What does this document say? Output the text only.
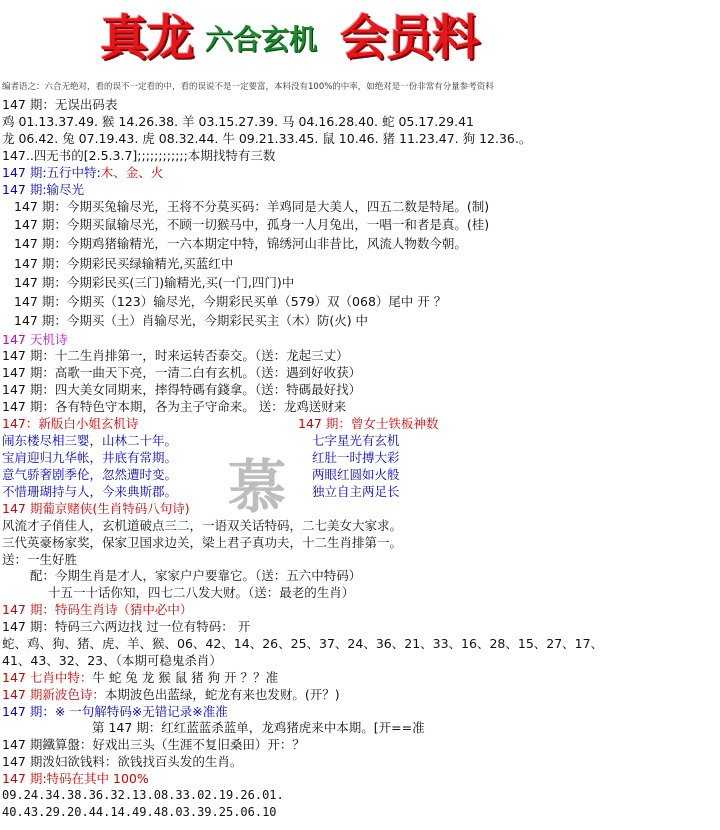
真龙 六合玄机 会员料
编者语之：六合无绝对，看的误不一定看的中，看的误说不是一定要富，本料没有100%的中率，如绝对是一份非常有分量参考资料
慕
147 期：无误出码表
鸡 01.13.37.49. 猴 14.26.38. 羊 03.15.27.39. 马 04.16.28.40. 蛇 05.17.29.41
龙 06.42. 兔 07.19.43. 虎 08.32.44. 牛 09.21.33.45. 鼠 10.46. 猪 11.23.47. 狗 12.36.。
147..四无书的[2.5.3.7];;;;;;;;;;;;本期找特有三数
147 期:五行中特:木、金、火
147 期:输尽光
147 期：今期买兔输尽光，王将不分莫买码：羊鸡同是大美人，四五二数是特尾。(制)
147 期：今期买鼠输尽光，不顾一切猴马中，孤身一人月兔出，一唱一和者是真。(桂)
147 期：今期鸡猪输精光，一六本期定中特，锦绣河山非昔比，风流人物数今朝。
147 期：今期彩民买绿输精光,买蓝红中
147 期：今期彩民买(三门)输精光,买(一门,四门)中
147 期：今期买（123）输尽光，今期彩民买单（579）双（068）尾中 开 ？
147 期：今期买（土）肖输尽光，今期彩民买主（木）防(火) 中
147 天机诗
147 期：十二生肖排第一，时来运转否泰交。（送：龙起三丈）
147 期：高歌一曲天下亮，一清二白有玄机。（送：遇到好收获）
147 期：四大美女同期来，摔得特碼有錢拿。（送：特碼最好找）
147 期：各有特色守本期，各为主子守命来。 送：龙鸡送财来
147：新版白小姐玄机诗	147 期：曾女士铁板神数
闹东楼尽相三婴，山林二十年。
宝肩迎归九华帐，井底有常期。
意气骄奢剧季伦，忽然遭时变。
不惜珊瑚持与人，今来典斯郡。
七字星光有玄机
红肚一时搏大彩
两眼红圆如火般
独立自主两足长
147 期葡京赌侠(生肖特码八句诗)
风流才子俏佳人，玄机道破点三二，一语双关话特码，二七美女大家求。
三代英豪杨家奖，保家卫国求边关，梁上君子真功夫，十二生肖排第一。
送：一生好胜
配：今期生肖是才人，家家户户要靠它。（送：五六中特码）
十五一十话你知，四七二八发大财。（送：最老的生肖）
147 期：特码生肖诗（猜中必中）
147 期：特码三六两边找 过一位有特码： 开
蛇、鸡、狗、猪、虎、羊、猴、06、42、14、26、25、37、24、36、21、33、16、28、15、27、17、
41、43、32、23、（本期可稳鬼杀肖）
147 七肖中特：牛 蛇 兔 龙 猴 鼠 猪 狗 开 ？？准
147 期新波色诗：本期波色出蓝绿，蛇龙有来也发财。(开？)
147 期：※ 一句解特码※无错记录※准准
第 147 期：红红蓝蓝杀蓝单，龙鸡猪虎来中本期。[开==准
147 期鐵算盤：好戏出三头（生涯不复旧桑田）开：？
147 期泼妇欲钱料：欲钱找百头发的生肖。
147 期:特码在其中 100%
09.24.34.38.36.32.13.08.33.02.19.26.01.
40.43.29.20.44.14.49.48.03.39.25.06.10
